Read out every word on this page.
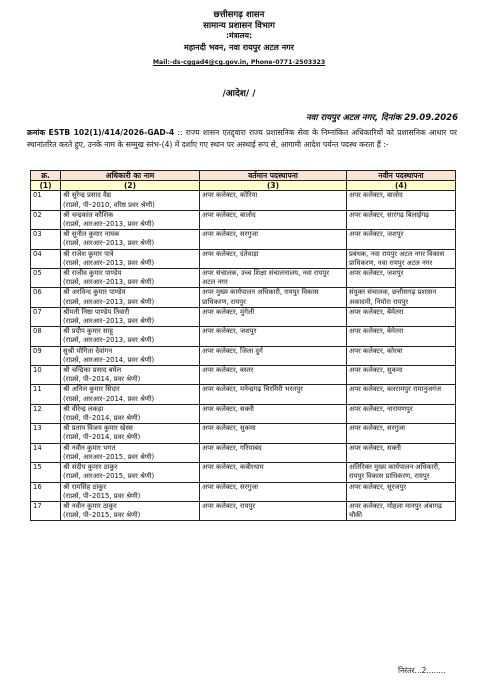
छत्तीसगढ़ शासन
सामान्य प्रशासन विभाग
:मंत्रालय:
महानदी भवन, नवा रायपुर अटल नगर
Mail:-ds-cggad4@cg.gov.in, Phone-0771-2503323
/आदेश/ /
नवा रायपुर अटल नगर, दिनांक 29.09.2026
क्रमांक ESTB 102(1)/414/2026-GAD-4 :: राज्य शासन एतद्द्वारा राज्य प्रशासनिक सेवा के निम्नांकित अधिकारियों को प्रशासनिक आधार पर स्थानांतरित करते हुए, उनके नाम के सम्मुख स्तंभ-(4) में दर्शाए गए स्थान पर अस्थाई रूप से, आगामी आदेश पर्यन्त पदस्थ करता हैं :-
क्र.	अधिकारी का नाम	वर्तमान पदस्थापना	नवीन पदस्थापना
(1)	(2)	(3)	(4)
01	श्री सुरेन्द्र प्रसाद वैद्य
(राप्रसे, पी–2010, वरिष्ठ प्रवर श्रेणी)	अपर कलेक्टर, कोरिया	अपर कलेक्टर, बालोद
02	श्री चन्द्रकांत कौशिक
(राप्रसे, आरआर–2013, प्रवर श्रेणी)	अपर कलेक्टर, बालोद	अपर कलेक्टर, सारंगढ़ बिलाईगढ़
03	श्री सुनील कुमार नायक
(राप्रसे, आरआर–2013, प्रवर श्रेणी)	अपर कलेक्टर, सरगुजा	अपर कलेक्टर, जशपुर
04	श्री राजेश कुमार पात्रे
(राप्रसे, आरआर–2013, प्रवर श्रेणी)	अपर कलेक्टर, दंतेवाड़ा	प्रबंधक, नवा रायपुर अटल नगर विकास प्राधिकरण, नवा रायपुर अटल नगर
05	श्री राजीव कुमार पाण्डेय
(राप्रसे, आरआर–2013, प्रवर श्रेणी)	अपर संचालक, उच्च शिक्षा संचालनालय, नवा रायपुर अटल नगर	अपर कलेक्टर, जशपुर
06	श्री अरविन्द कुमार पाण्डेय
(राप्रसे, आरआर–2013, प्रवर श्रेणी)	अपर मुख्य कार्यपालन अधिकारी, रायपुर विकास प्राधिकरण, रायपुर	संयुक्त संचालक, छत्तीसगढ़ प्रशासन अकादमी, निमोरा रायपुर
07	श्रीमती निष्ठा पाण्डेय तिवारी
(राप्रसे, आरआर–2013, प्रवर श्रेणी)	अपर कलेक्टर, मुंगेली	अपर कलेक्टर, बेमेतरा
08	श्री प्रदीप कुमार साहू
(राप्रसे, आरआर–2013, प्रवर श्रेणी)	अपर कलेक्टर, जशपुर	अपर कलेक्टर, बेमेतरा
09	सुश्री योगिता देवांगन
(राप्रसे, आरआर–2014, प्रवर श्रेणी)	अपर कलेक्टर, जिला दुर्ग	अपर कलेक्टर, कोरबा
10	श्री चन्द्रिका प्रसाद बघेल
(राप्रसे, पी–2014, प्रवर श्रेणी)	अपर कलेक्टर, बस्तर	अपर कलेक्टर, सुकमा
11	श्री अनिल कुमार सिदार
(राप्रसे, आरआर–2014, प्रवर श्रेणी)	अपर कलेक्टर, मनेन्द्रगढ़ चिरमिरी भरतपुर	अपर कलेक्टर, बलरामपुर रामानुजगंज
12	श्री वीरेन्द्र लकड़ा
(राप्रसे, पी–2014, प्रवर श्रेणी)	अपर कलेक्टर, सक्ती	अपर कलेक्टर, नारायणपुर
13	श्री प्रताप विजय कुमार खेस्स
(राप्रसे, पी–2014, प्रवर श्रेणी)	अपर कलेक्टर, सुकमा	अपर कलेक्टर, सरगुजा
14	श्री नवीन कुमार भगत
(राप्रसे, आरआर–2015, प्रवर श्रेणी)	अपर कलेक्टर, गरियाबंद	अपर कलेक्टर, सक्ती
15	श्री संदीप कुमार ठाकुर
(राप्रसे, आरआर–2015, प्रवर श्रेणी)	अपर कलेक्टर, कबीरधाम	अतिरिक्त मुख्य कार्यपालन अधिकारी, रायपुर विकास प्राधिकरण, रायपुर
16	श्री रामसिंह ठाकुर
(राप्रसे, पी–2015, प्रवर श्रेणी)	अपर कलेक्टर, सरगुजा	अपर कलेक्टर, सूरजपुर
17	श्री नवीन कुमार ठाकुर
(राप्रसे, पी–2015, प्रवर श्रेणी)	अपर कलेक्टर, रायपुर	अपर कलेक्टर, मोहला मानपुर अंबागढ़ चौकी
निरंतर...2........
